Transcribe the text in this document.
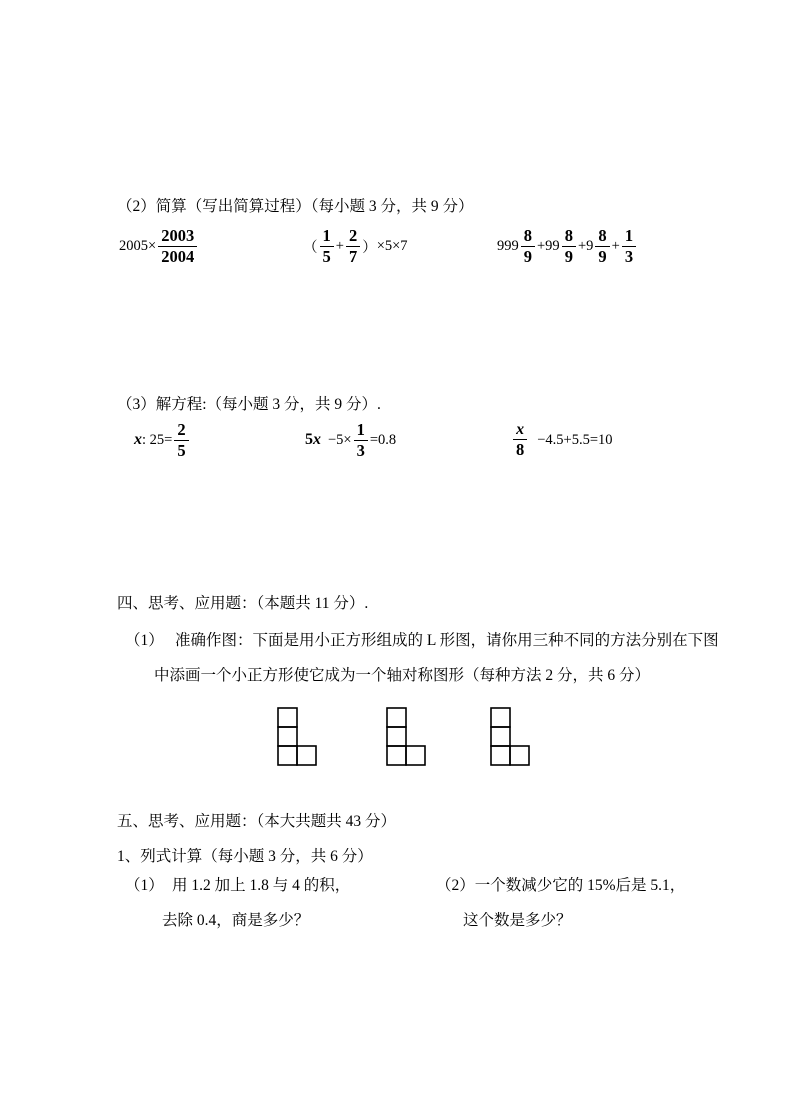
（2）简算（写出简算过程）（每小题 3 分，共 9 分）
$2005\times \frac{2003}{2004}$	（ $\frac{1}{5} + \frac{2}{7}$ ） ×5×7	$999 \frac{8}{9} +99 \frac{8}{9} +9 \frac{8}{9} + \frac{1}{3}$
（3）解方程:（每小题 3 分，共 9 分）.
x : $25= \frac{2}{5}$	5 $x -5\times \frac{1}{3} =0.8$	$\frac{x}{8} -4.5+5.5=10$
四、思考、应用题：（本题共 11 分）.
（1） 准确作图：下面是用小正方形组成的 L 形图，请你用三种不同的方法分别在下图
中添画一个小正方形使它成为一个轴对称图形（每种方法 2 分，共 6 分）
五、思考、应用题：（本大共题共 43 分）
1、列式计算（每小题 3 分，共 6 分）
（1） 用 1.2 加上 1.8 与 4 的积，	（2）一个数减少它的 15%后是 5.1，
去除 0.4，商是多少？	这个数是多少？
